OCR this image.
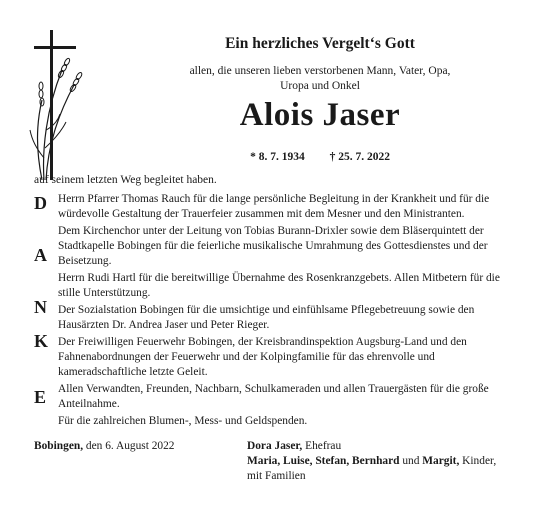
Ein herzliches Vergelt‘s Gott
allen, die unseren lieben verstorbenen Mann, Vater, Opa,
Uropa und Onkel
Alois Jaser
* 8. 7. 1934 † 25. 7. 2022
auf seinem letzten Weg begleitet haben.
D
A
N
K
E

Herrn Pfarrer Thomas Rauch für die lange persönliche Begleitung in der Krankheit und für die würdevolle Gestaltung der Trauerfeier zusammen mit dem Mesner und den Ministranten.

Dem Kirchenchor unter der Leitung von Tobias Burann-Drixler sowie dem Bläserquintett der Stadtkapelle Bobingen für die feierliche musikalische Umrahmung des Gottesdienstes und der Beisetzung.

Herrn Rudi Hartl für die bereitwillige Übernahme des Rosenkranzgebets. Allen Mitbetern für die stille Unterstützung.

Der Sozialstation Bobingen für die umsichtige und einfühlsame Pflegebetreuung sowie den Hausärzten Dr. Andrea Jaser und Peter Rieger.

Der Freiwilligen Feuerwehr Bobingen, der Kreisbrandinspektion Augsburg-Land und den Fahnenabordnungen der Feuerwehr und der Kolpingfamilie für das ehrenvolle und kameradschaftliche letzte Geleit.

Allen Verwandten, Freunden, Nachbarn, Schulkameraden und allen Trauergästen für die große Anteilnahme.

Für die zahlreichen Blumen-, Mess- und Geldspenden.

Bobingen, den 6. August 2022	Dora Jaser, Ehefrau
Maria, Luise, Stefan, Bernhard und Margit, Kinder,
mit Familien
